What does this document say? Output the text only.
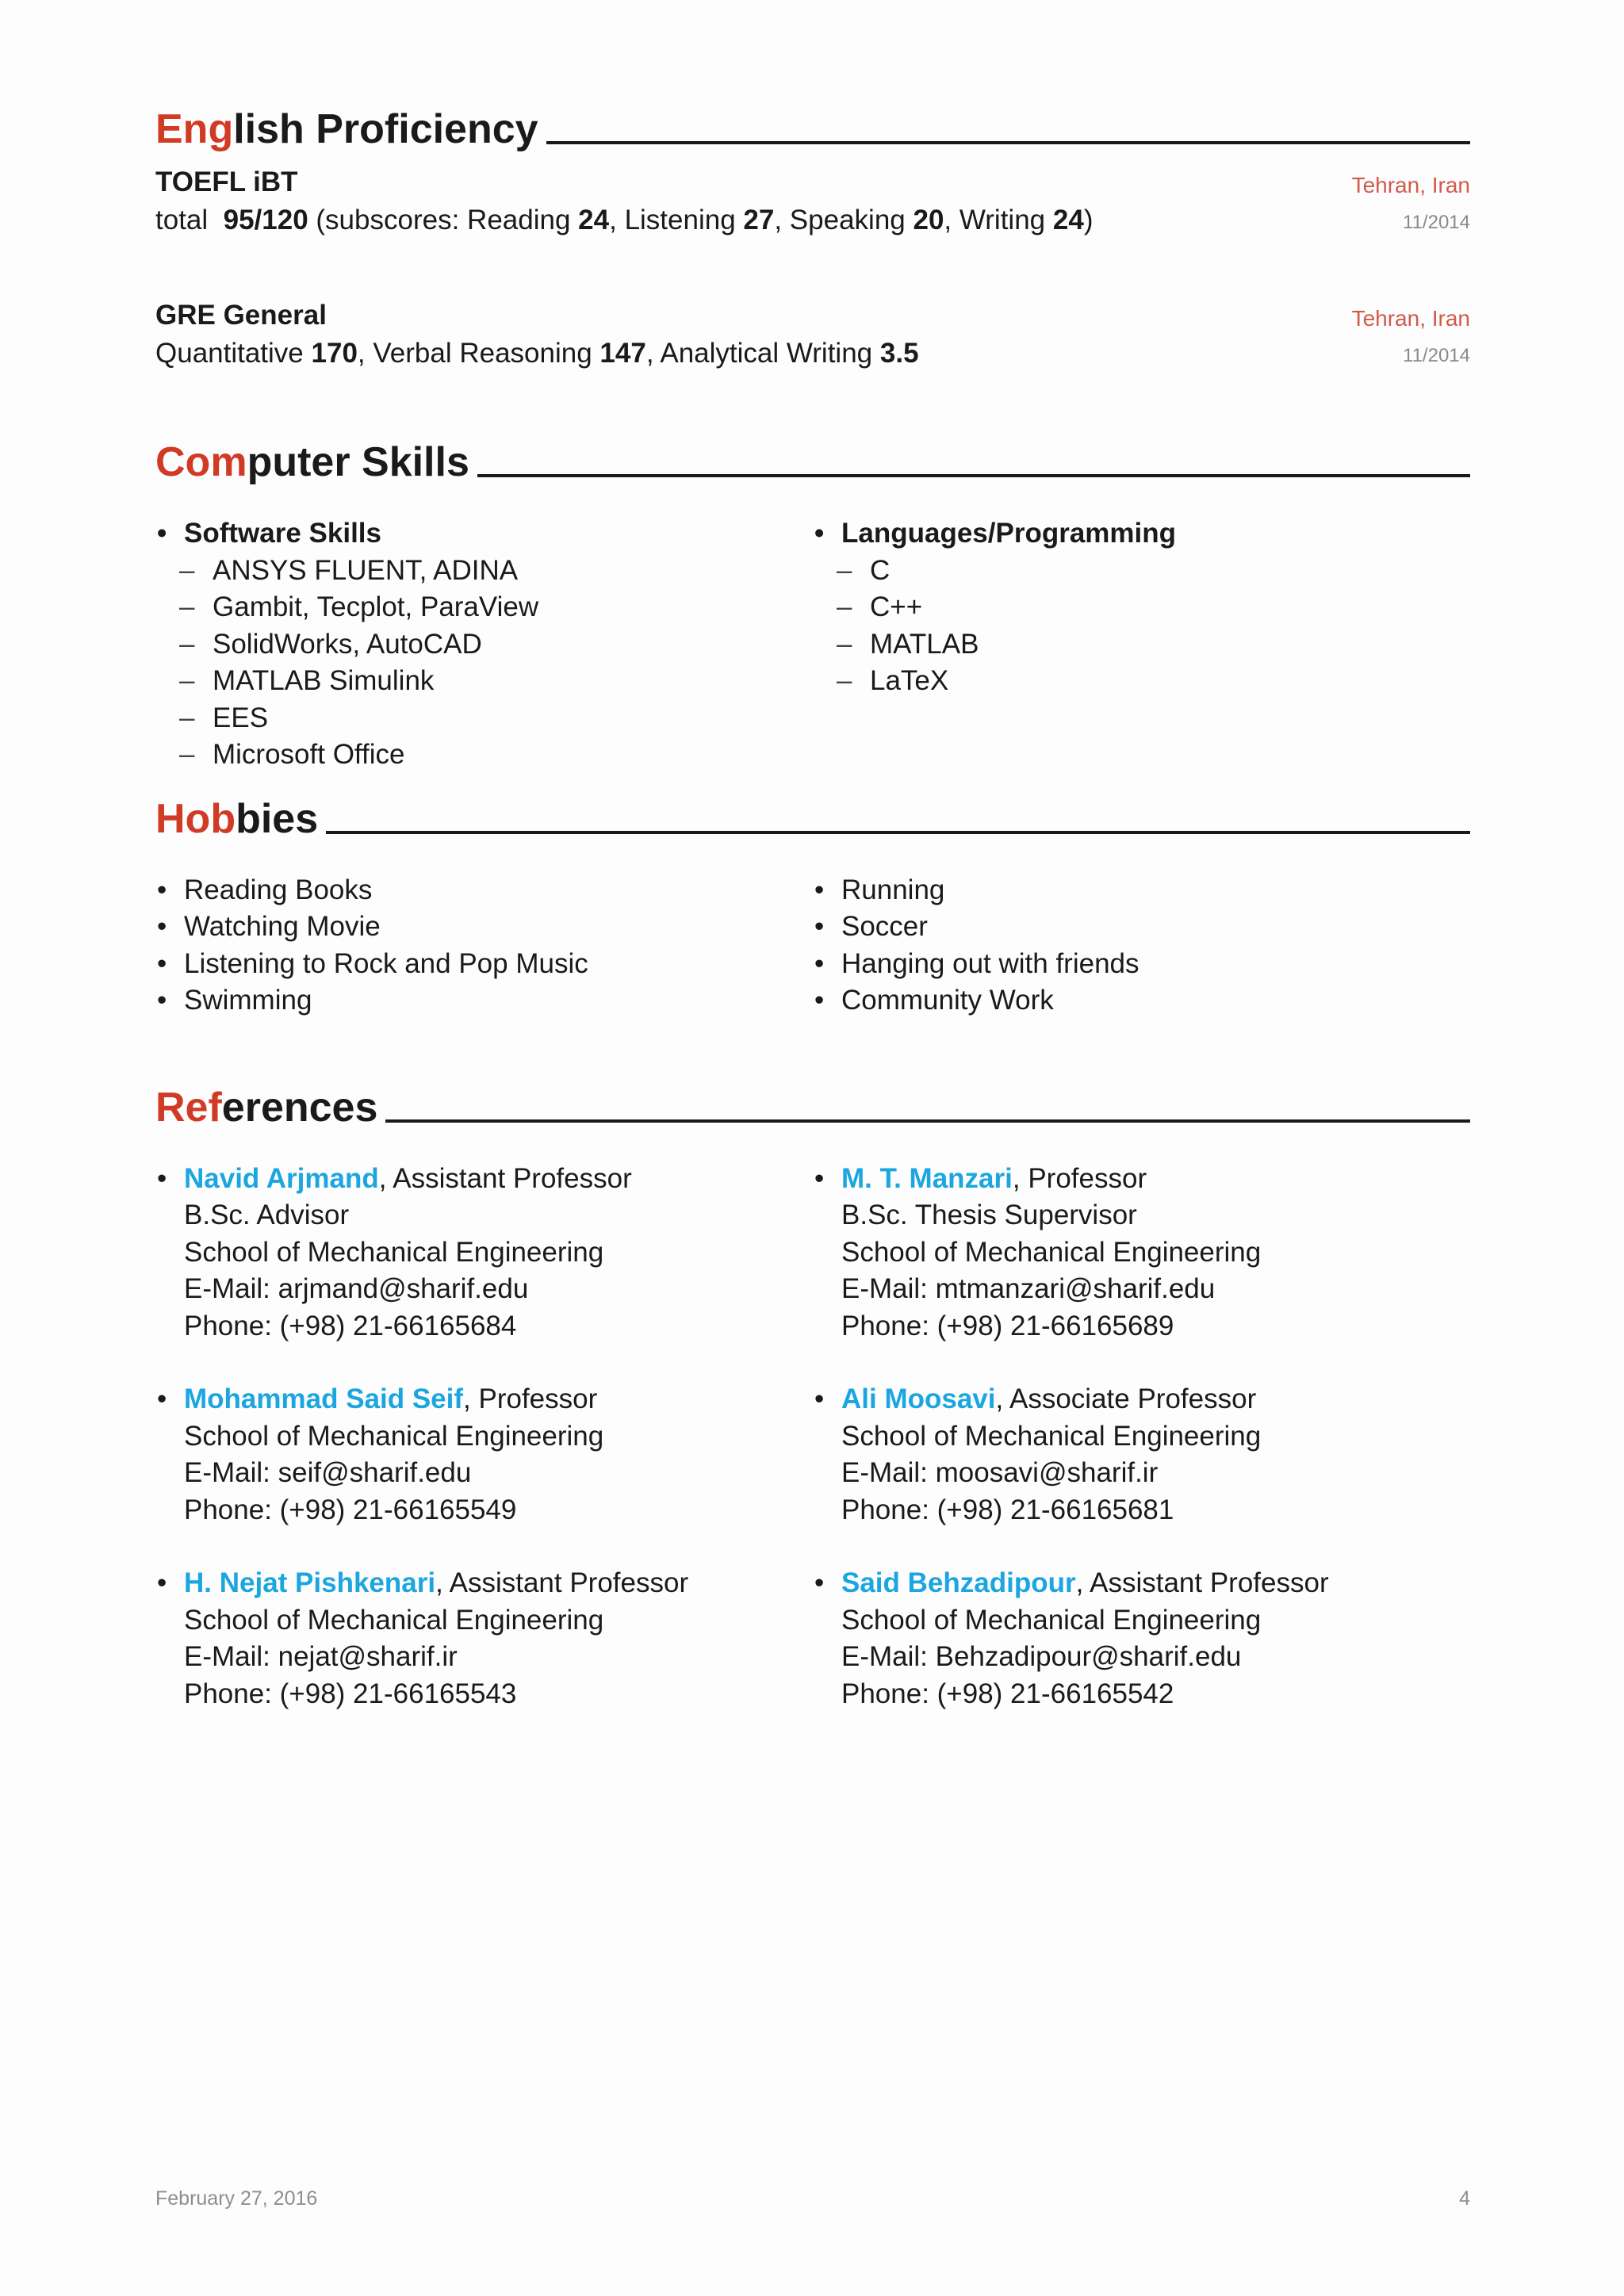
English Proficiency
TOEFL iBT
total 95/120 (subscores: Reading 24, Listening 27, Speaking 20, Writing 24)
Tehran, Iran
11/2014
GRE General
Quantitative 170, Verbal Reasoning 147, Analytical Writing 3.5
Tehran, Iran
11/2014
Computer Skills
• Software Skills
– ANSYS FLUENT, ADINA
– Gambit, Tecplot, ParaView
– SolidWorks, AutoCAD
– MATLAB Simulink
– EES
– Microsoft Office
• Languages/Programming
– C
– C++
– MATLAB
– LaTeX
Hobbies
• Reading Books
• Watching Movie
• Listening to Rock and Pop Music
• Swimming
• Running
• Soccer
• Hanging out with friends
• Community Work
References
• Navid Arjmand, Assistant Professor
B.Sc. Advisor
School of Mechanical Engineering
E-Mail: arjmand@sharif.edu
Phone: (+98) 21-66165684
• Mohammad Said Seif, Professor
School of Mechanical Engineering
E-Mail: seif@sharif.edu
Phone: (+98) 21-66165549
• H. Nejat Pishkenari, Assistant Professor
School of Mechanical Engineering
E-Mail: nejat@sharif.ir
Phone: (+98) 21-66165543
• M. T. Manzari, Professor
B.Sc. Thesis Supervisor
School of Mechanical Engineering
E-Mail: mtmanzari@sharif.edu
Phone: (+98) 21-66165689
• Ali Moosavi, Associate Professor
School of Mechanical Engineering
E-Mail: moosavi@sharif.ir
Phone: (+98) 21-66165681
• Said Behzadipour, Assistant Professor
School of Mechanical Engineering
E-Mail: Behzadipour@sharif.edu
Phone: (+98) 21-66165542
February 27, 2016	4
